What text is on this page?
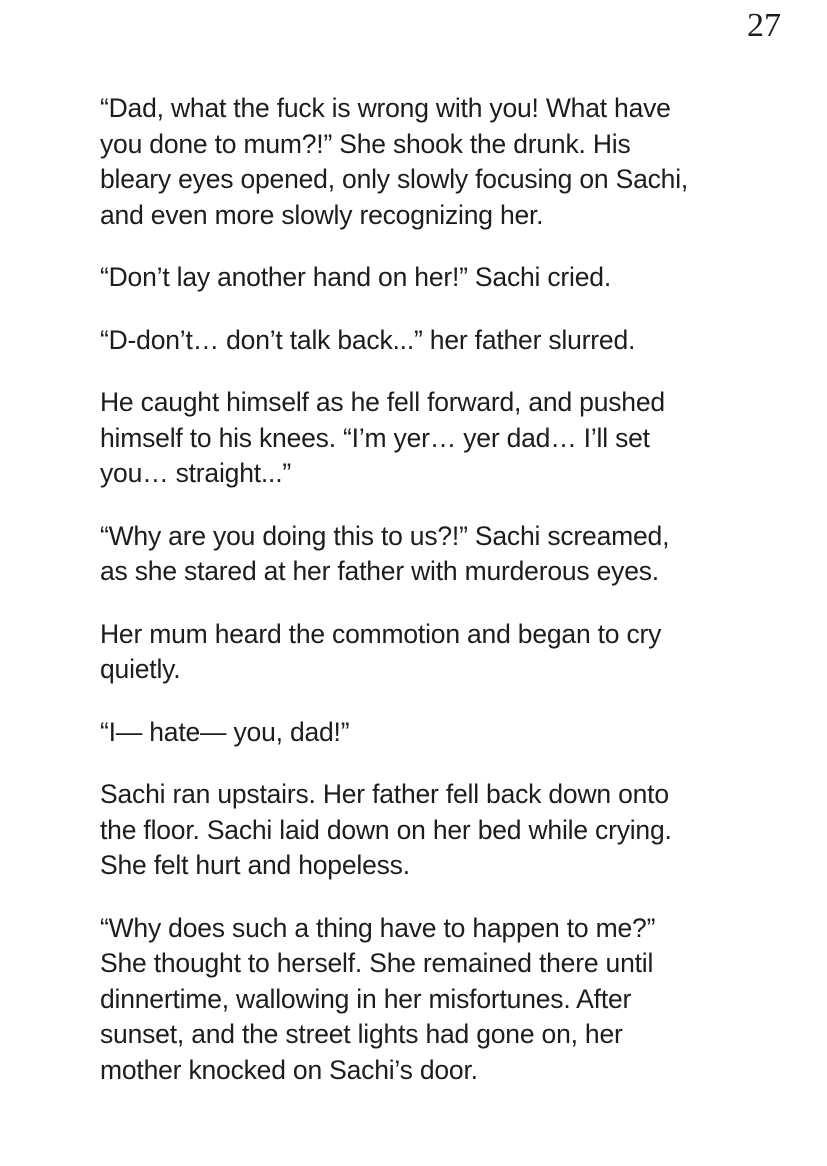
27
“Dad, what the fuck is wrong with you! What have
you done to mum?!” She shook the drunk. His
bleary eyes opened, only slowly focusing on Sachi,
and even more slowly recognizing her.
“Don’t lay another hand on her!” Sachi cried.
“D-don’t… don’t talk back...” her father slurred.
He caught himself as he fell forward, and pushed
himself to his knees. “I’m yer… yer dad… I’ll set
you… straight...”
“Why are you doing this to us?!” Sachi screamed,
as she stared at her father with murderous eyes.
Her mum heard the commotion and began to cry
quietly.
“I— hate— you, dad!”
Sachi ran upstairs. Her father fell back down onto
the floor. Sachi laid down on her bed while crying.
She felt hurt and hopeless.
“Why does such a thing have to happen to me?”
She thought to herself. She remained there until
dinnertime, wallowing in her misfortunes. After
sunset, and the street lights had gone on, her
mother knocked on Sachi’s door.
